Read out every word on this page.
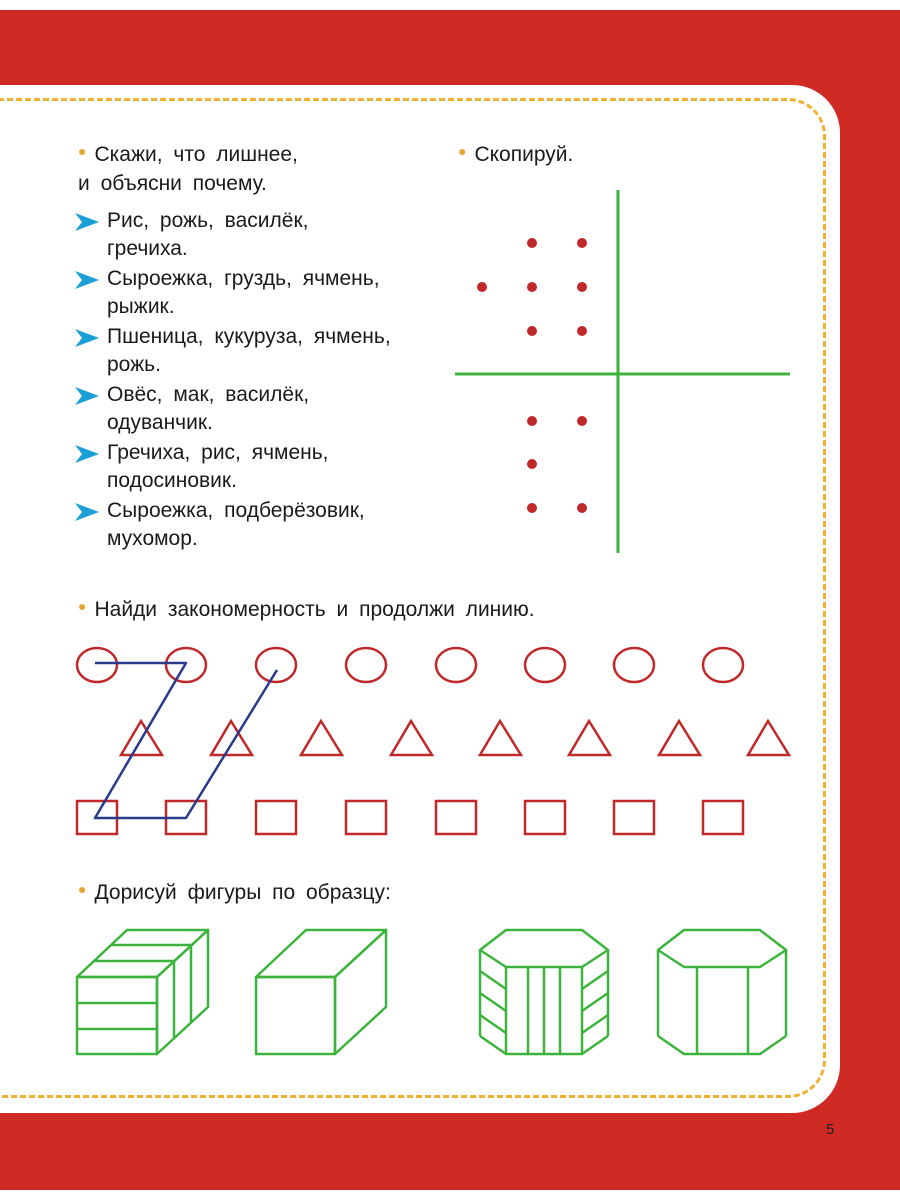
● Скажи, что лишнее,
и объясни почему.
Рис, рожь, василёк,
гречиха.
Сыроежка, груздь, ячмень,
рыжик.
Пшеница, кукуруза, ячмень,
рожь.
Овёс, мак, василёк,
одуванчик.
Гречиха, рис, ячмень,
подосиновик.
Сыроежка, подберёзовик,
мухомор.
● Скопируй.
● Найди закономерность и продолжи линию.
● Дорисуй фигуры по образцу:
5
